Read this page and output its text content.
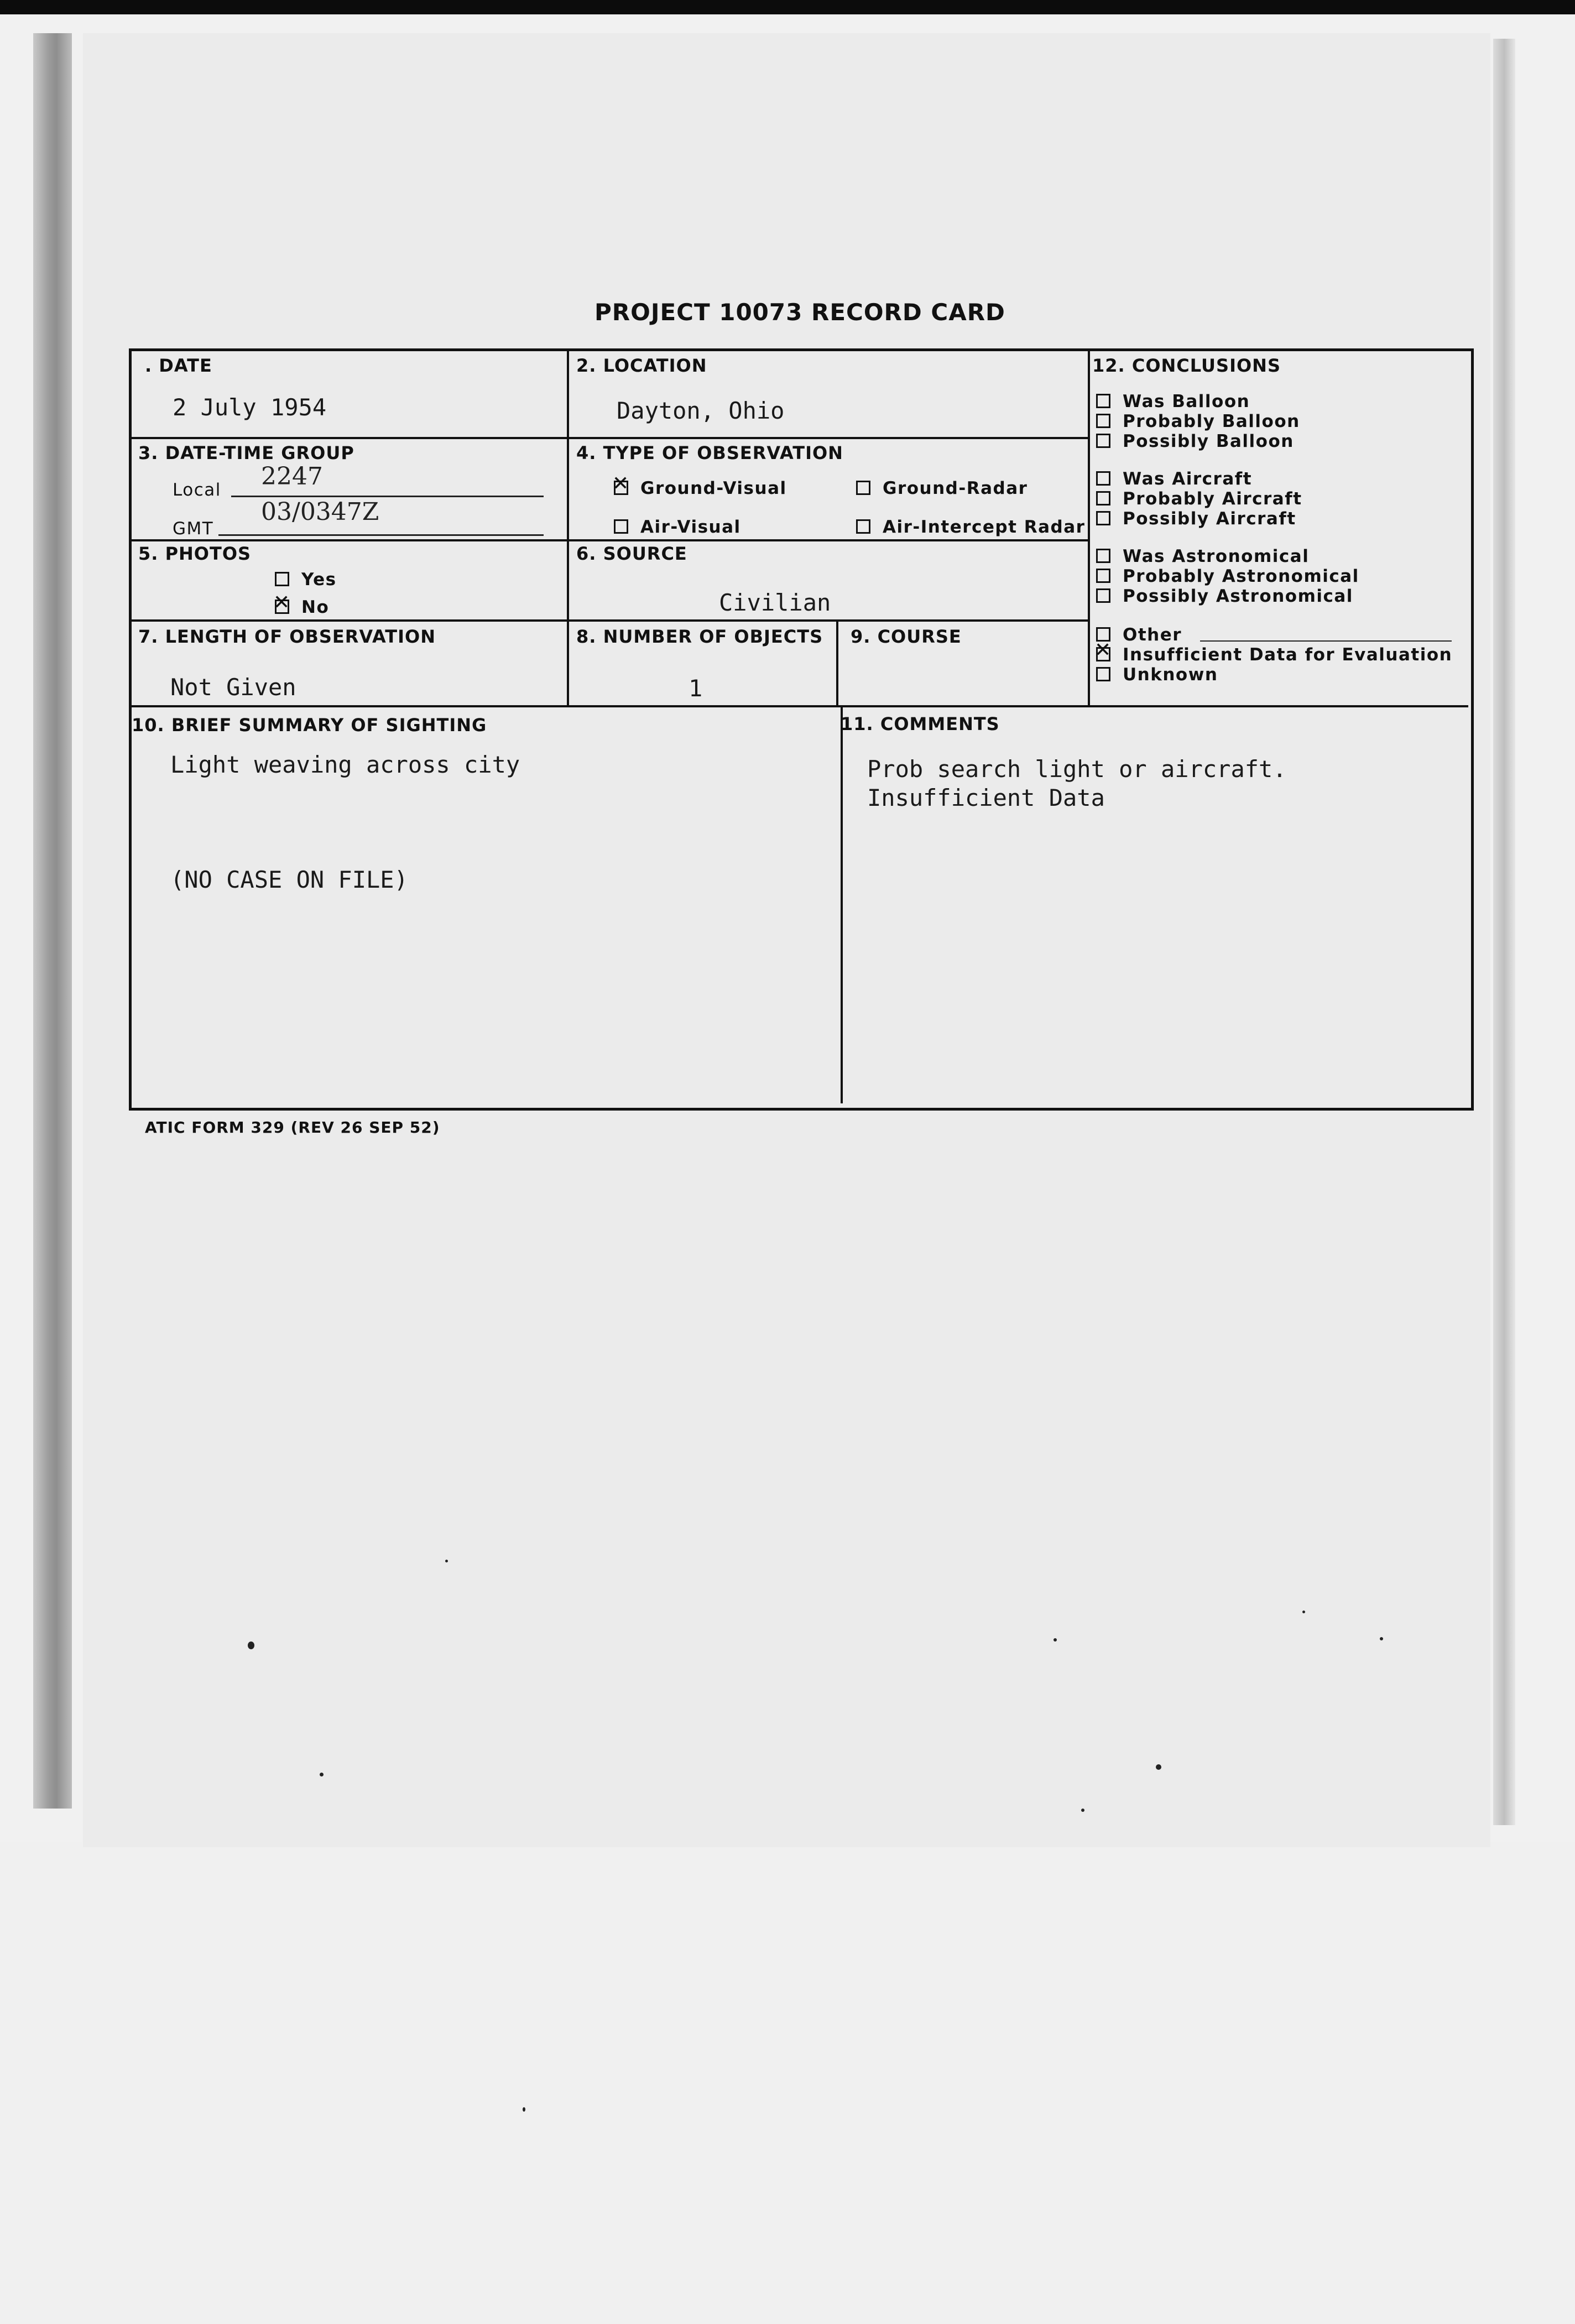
PROJECT 10073 RECORD CARD
. DATE
2 July 1954
2. LOCATION
Dayton, Ohio
3. DATE-TIME GROUP
Local 2247
GMT
03/0347Z
4. TYPE OF OBSERVATION
✕ Ground-Visual	Ground-Radar
Air-Visual	Air-Intercept Radar
5. PHOTOS
Yes
✕ No
6. SOURCE
Civilian
7. LENGTH OF OBSERVATION
Not Given
8. NUMBER OF OBJECTS
1
9. COURSE
10. BRIEF SUMMARY OF SIGHTING
Light weaving across city
(NO CASE ON FILE)
11. COMMENTS
Prob search light or aircraft.
Insufficient Data
12. CONCLUSIONS
Was Balloon
Probably Balloon
Possibly Balloon
Was Aircraft
Probably Aircraft
Possibly Aircraft
Was Astronomical
Probably Astronomical
Possibly Astronomical
Other
✕ Insufficient Data for Evaluation
Unknown
ATIC FORM 329 (REV 26 SEP 52)
